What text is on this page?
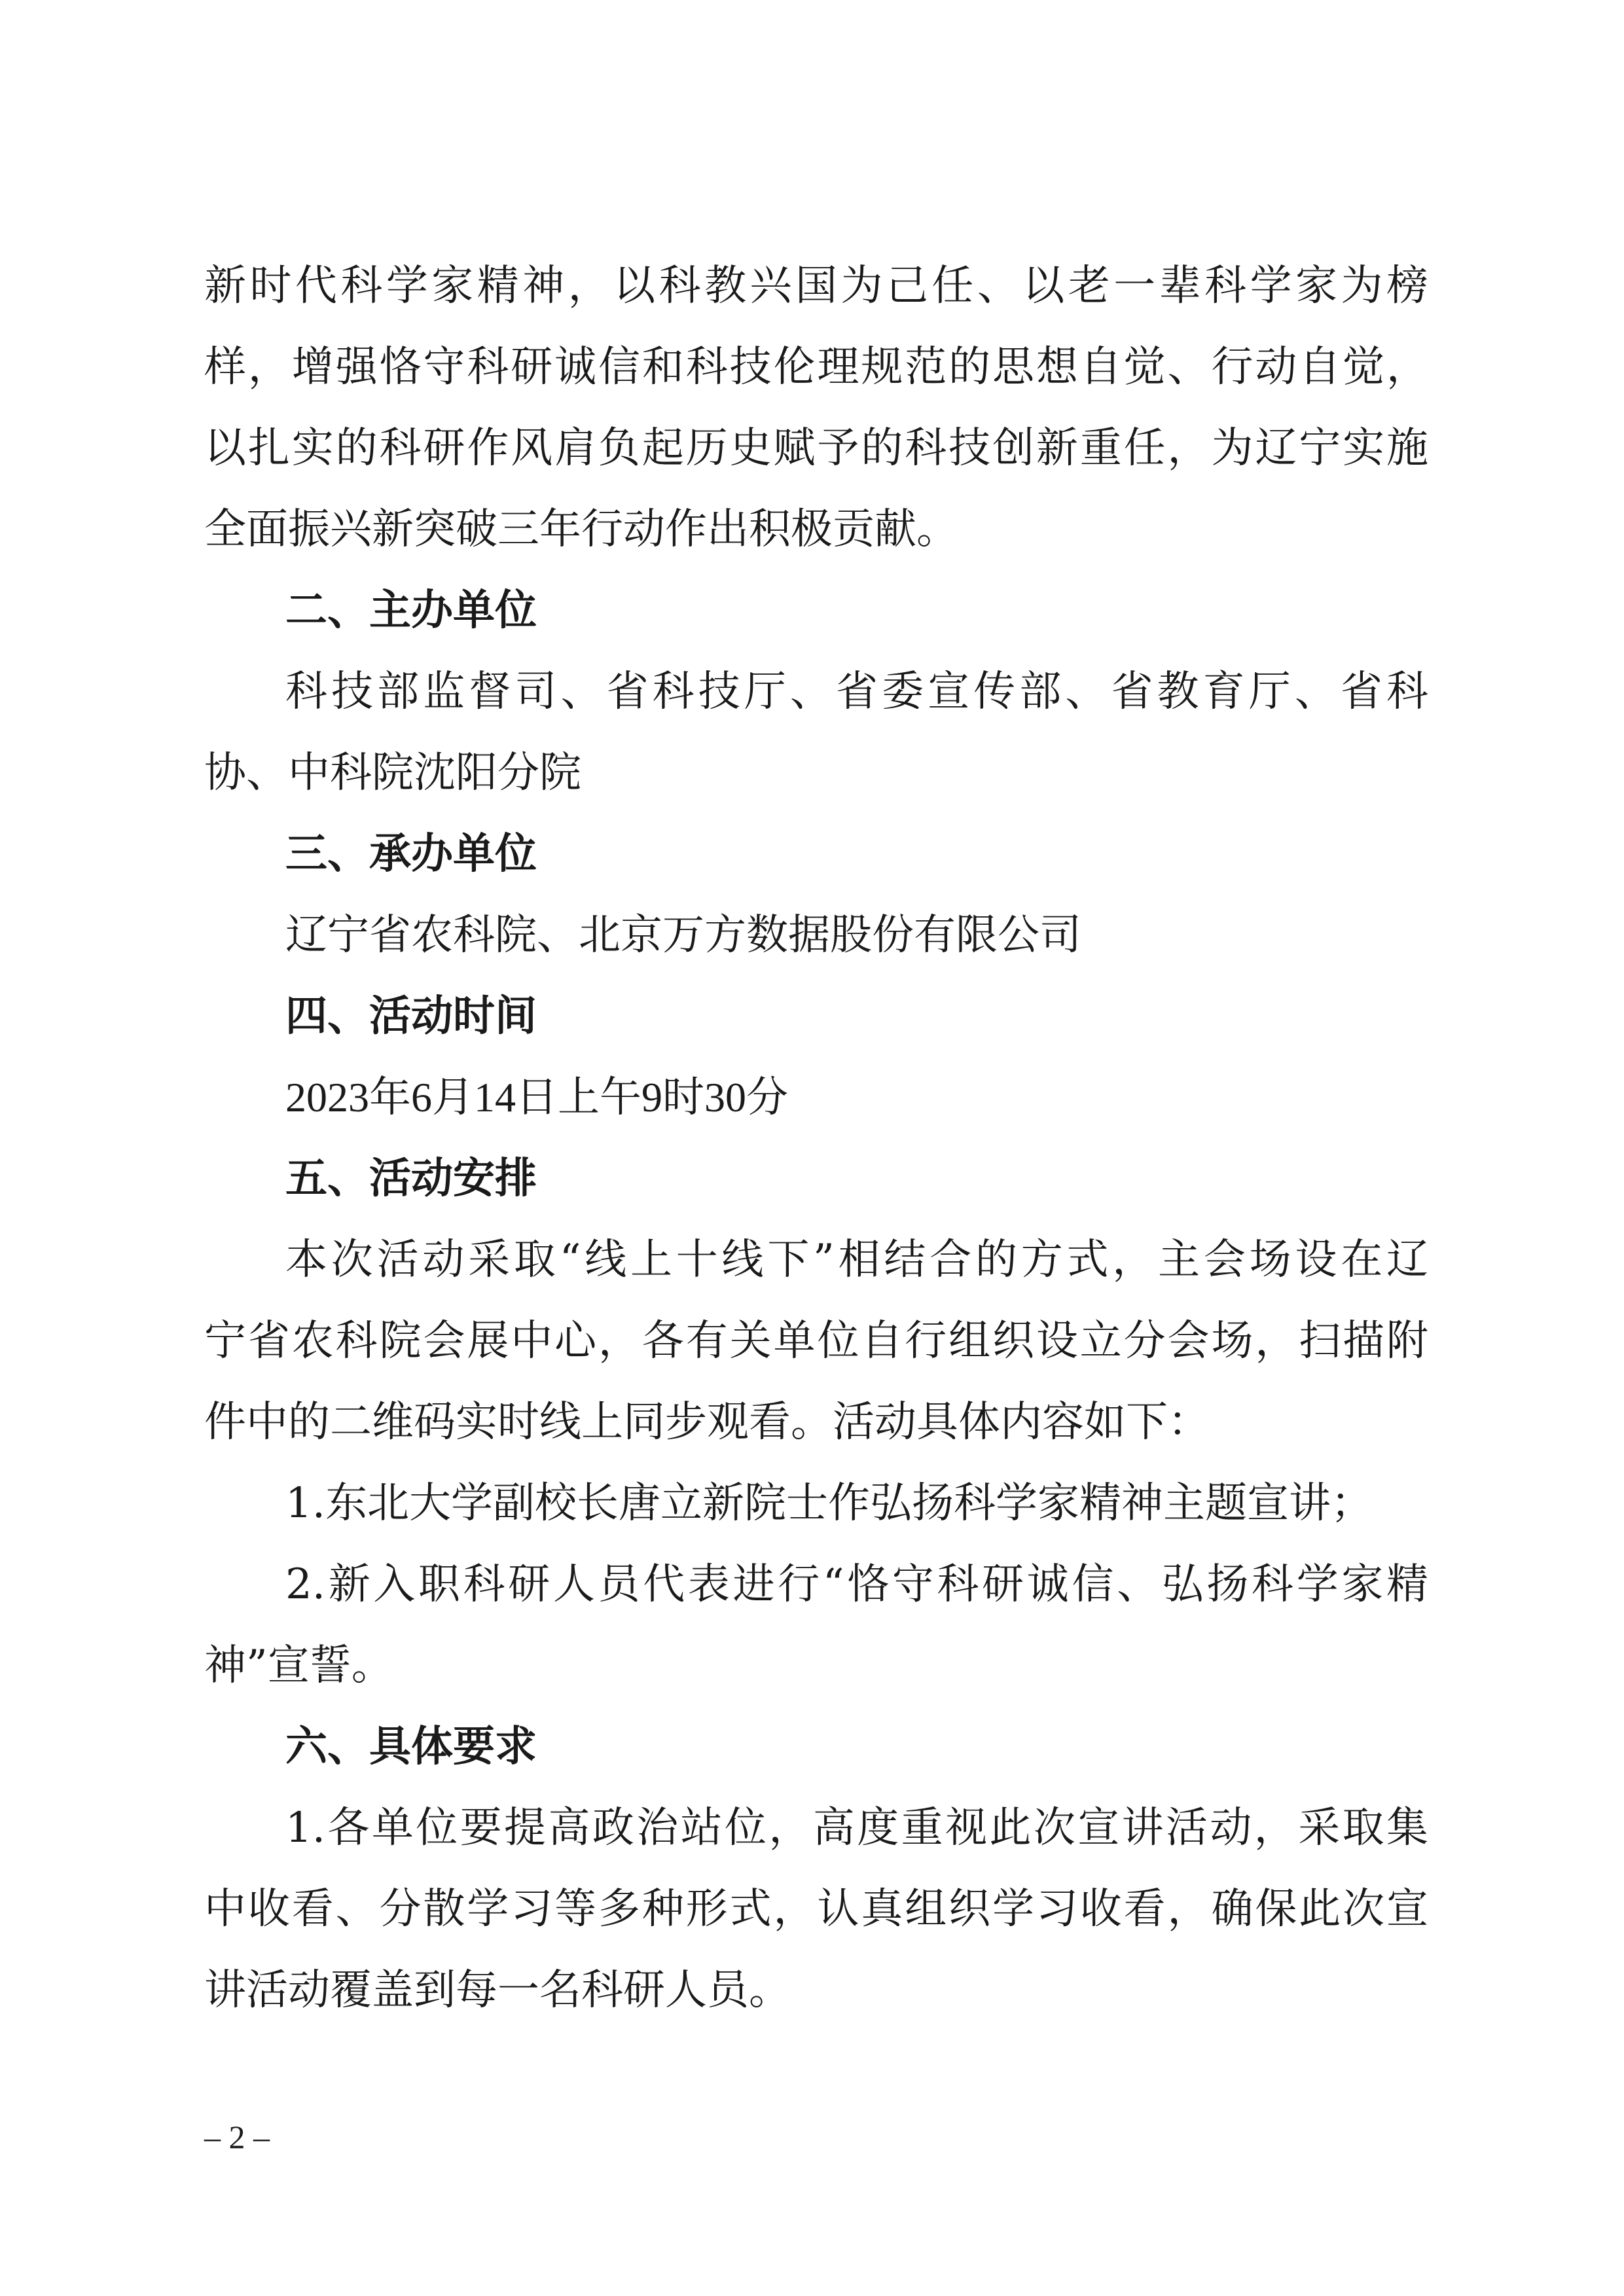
新时代科学家精神，以科教兴国为己任、以老一辈科学家为榜
样，增强恪守科研诚信和科技伦理规范的思想自觉、行动自觉，
以扎实的科研作风肩负起历史赋予的科技创新重任，为辽宁实施
全面振兴新突破三年行动作出积极贡献。
二、主办单位
科技部监督司、省科技厅、省委宣传部、省教育厅、省科
协、中科院沈阳分院
三、承办单位
辽宁省农科院、北京万方数据股份有限公司
四、活动时间
2023年6月14日上午9时30分
五、活动安排
本次活动采取“线上十线下”相结合的方式，主会场设在辽
宁省农科院会展中心，各有关单位自行组织设立分会场，扫描附
件中的二维码实时线上同步观看。活动具体内容如下：
1.东北大学副校长唐立新院士作弘扬科学家精神主题宣讲；
2.新入职科研人员代表进行“恪守科研诚信、弘扬科学家精
神”宣誓。
六、具体要求
1.各单位要提高政治站位，高度重视此次宣讲活动，采取集
中收看、分散学习等多种形式，认真组织学习收看，确保此次宣
讲活动覆盖到每一名科研人员。
– 2 –
